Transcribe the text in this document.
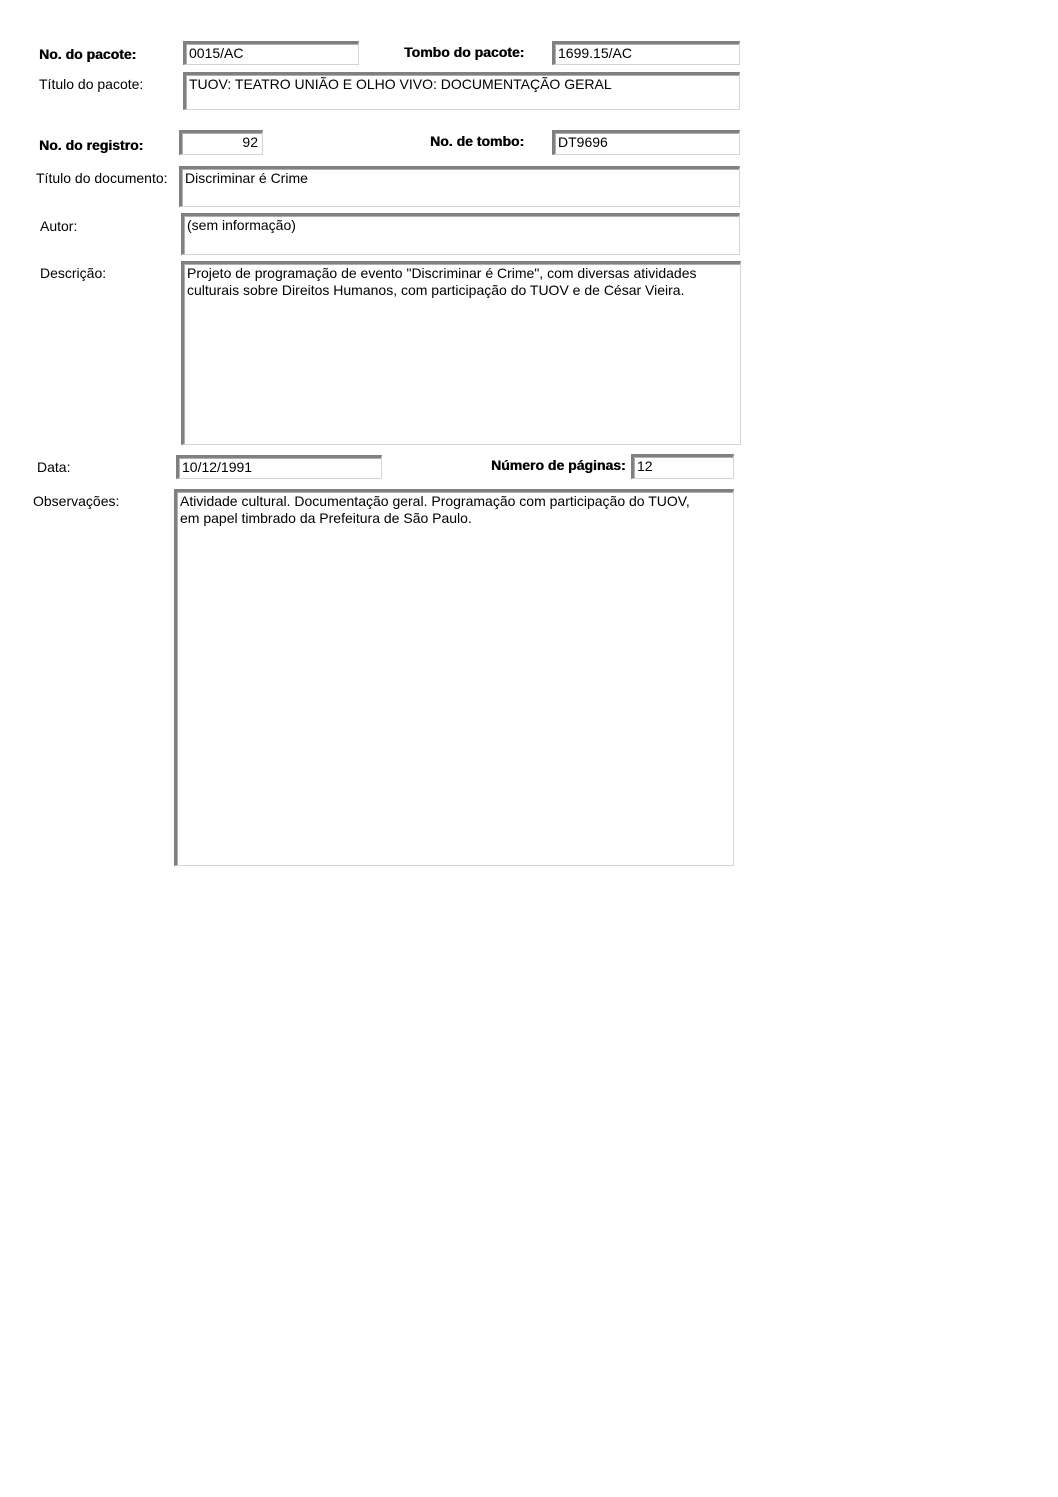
No. do pacote:	0015/AC	Tombo do pacote:	1699.15/AC
Título do pacote:	TUOV: TEATRO UNIÃO E OLHO VIVO: DOCUMENTAÇÃO GERAL
No. do registro:	92	No. de tombo:	DT9696
Título do documento:	Discriminar é Crime
Autor:	(sem informação)
Descrição:	Projeto de programação de evento "Discriminar é Crime", com diversas atividades
culturais sobre Direitos Humanos, com participação do TUOV e de César Vieira.
Data:	10/12/1991	Número de páginas: 12
Observações:	Atividade cultural. Documentação geral. Programação com participação do TUOV,
em papel timbrado da Prefeitura de São Paulo.
